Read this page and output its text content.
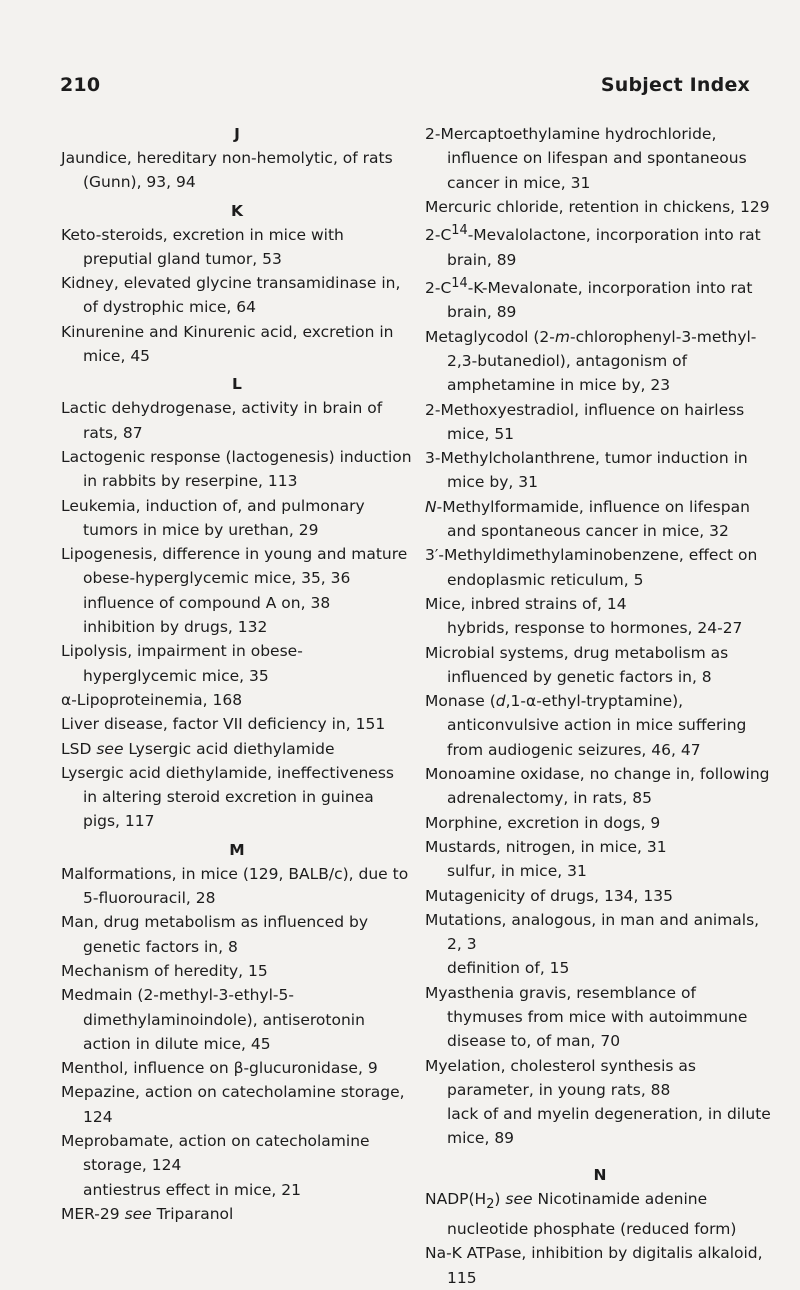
210	Subject Index
J
Jaundice, hereditary non-hemolytic, of rats (Gunn), 93, 94
K
Keto-steroids, excretion in mice with preputial gland tumor, 53
Kidney, elevated glycine transamidinase in, of dystrophic mice, 64
Kinurenine and Kinurenic acid, excretion in mice, 45
L
Lactic dehydrogenase, activity in brain of rats, 87
Lactogenic response (lactogenesis) induction in rabbits by reserpine, 113
Leukemia, induction of, and pulmonary tumors in mice by urethan, 29
Lipogenesis, difference in young and mature obese-hyperglycemic mice, 35, 36
influence of compound A on, 38
inhibition by drugs, 132
Lipolysis, impairment in obese-hyperglycemic mice, 35
α-Lipoproteinemia, 168
Liver disease, factor VII deficiency in, 151
LSD see Lysergic acid diethylamide
Lysergic acid diethylamide, ineffectiveness in altering steroid excretion in guinea pigs, 117
M
Malformations, in mice (129, BALB/c), due to 5-fluorouracil, 28
Man, drug metabolism as influenced by genetic factors in, 8
Mechanism of heredity, 15
Medmain (2-methyl-3-ethyl-5-dimethylaminoindole), antiserotonin action in dilute mice, 45
Menthol, influence on β-glucuronidase, 9
Mepazine, action on catecholamine storage, 124
Meprobamate, action on catecholamine storage, 124
antiestrus effect in mice, 21
MER-29 see Triparanol
2-Mercaptoethylamine hydrochloride, influence on lifespan and spontaneous cancer in mice, 31
Mercuric chloride, retention in chickens, 129
$2-C^{14}$-Mevalolactone, incorporation into rat brain, 89
$2-C^{14}-K$-Mevalonate, incorporation into rat brain, 89
Metaglycodol (2-m-chlorophenyl-3-methyl-2,3-butanediol), antagonism of amphetamine in mice by, 23
2-Methoxyestradiol, influence on hairless mice, 51
3-Methylcholanthrene, tumor induction in mice by, 31
N-Methylformamide, influence on lifespan and spontaneous cancer in mice, 32
3′-Methyldimethylaminobenzene, effect on endoplasmic reticulum, 5
Mice, inbred strains of, 14
hybrids, response to hormones, 24-27
Microbial systems, drug metabolism as influenced by genetic factors in, 8
Monase (d,1-α-ethyl-tryptamine), anticonvulsive action in mice suffering from audiogenic seizures, 46, 47
Monoamine oxidase, no change in, following adrenalectomy, in rats, 85
Morphine, excretion in dogs, 9
Mustards, nitrogen, in mice, 31
sulfur, in mice, 31
Mutagenicity of drugs, 134, 135
Mutations, analogous, in man and animals, 2, 3
definition of, 15
Myasthenia gravis, resemblance of thymuses from mice with autoimmune disease to, of man, 70
Myelation, cholesterol synthesis as parameter, in young rats, 88
lack of and myelin degeneration, in dilute mice, 89
N
$NADP(H_2)$ see Nicotinamide adenine nucleotide phosphate (reduced form)
Na-K ATPase, inhibition by digitalis alkaloid, 115
